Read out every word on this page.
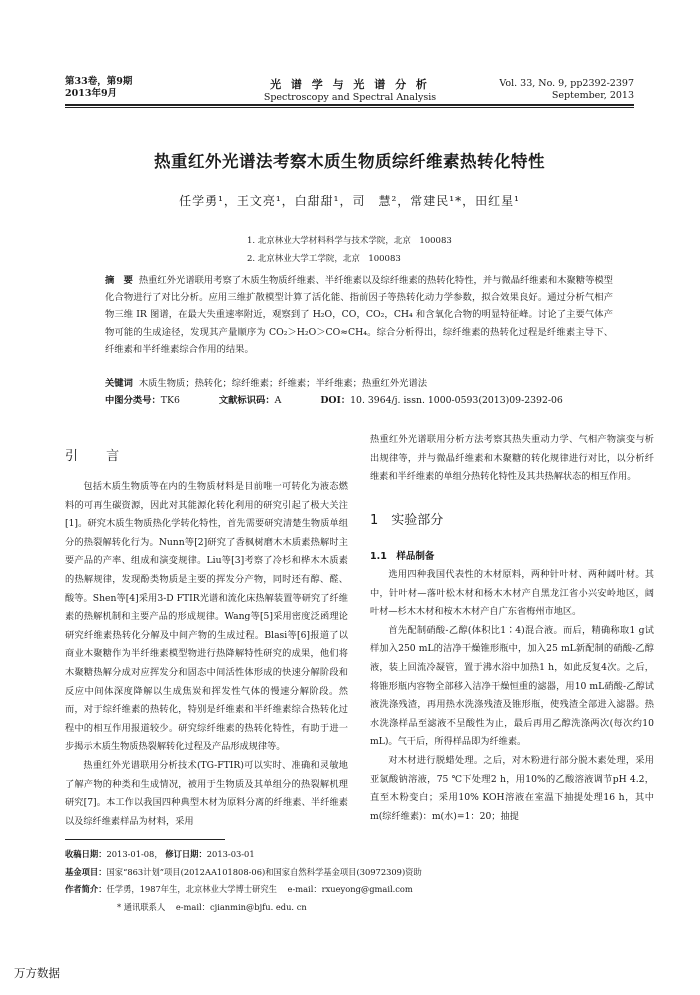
第33卷，第9期
2013年9月
光 谱 学 与 光 谱 分 析
Spectroscopy and Spectral Analysis
Vol. 33, No. 9, pp2392-2397
September, 2013
热重红外光谱法考察木质生物质综纤维素热转化特性
任学勇¹，王文亮¹，白甜甜¹，司　慧²，常建民¹*，田红星¹
1. 北京林业大学材料科学与技术学院，北京　100083
2. 北京林业大学工学院，北京　100083
摘　要 热重红外光谱联用考察了木质生物质纤维素、半纤维素以及综纤维素的热转化特性，并与微晶纤维素和木聚糖等模型化合物进行了对比分析。应用三维扩散模型计算了活化能、指前因子等热转化动力学参数，拟合效果良好。通过分析气相产物三维 IR 图谱，在最大失重速率附近，观察到了 H₂O，CO，CO₂，CH₄ 和含氧化合物的明显特征峰。讨论了主要气体产物可能的生成途径，发现其产量顺序为 CO₂＞H₂O＞CO≈CH₄。综合分析得出，综纤维素的热转化过程是纤维素主导下、纤维素和半纤维素综合作用的结果。
关键词 木质生物质；热转化；综纤维素；纤维素；半纤维素；热重红外光谱法
中图分类号：TK6	文献标识码：A	DOI：10. 3964/j. issn. 1000-0593(2013)09-2392-06
引 言
包括木质生物质等在内的生物质材料是目前唯一可转化为液态燃料的可再生碳资源，因此对其能源化转化利用的研究引起了极大关注[1]。研究木质生物质热化学转化特性，首先需要研究清楚生物质单组分的热裂解转化行为。Nunn等[2]研究了香枫树磨木木质素热解时主要产品的产率、组成和演变规律。Liu等[3]考察了冷杉和桦木木质素的热解规律，发现酚类物质是主要的挥发分产物，同时还有醇、醛、酸等。Shen等[4]采用3-D FTIR光谱和流化床热解装置等研究了纤维素的热解机制和主要产品的形成规律。Wang等[5]采用密度泛函理论研究纤维素热转化分解及中间产物的生成过程。Blasi等[6]报道了以商业木聚糖作为半纤维素模型物进行热降解特性研究的成果，他们将木聚糖热解分成对应挥发分和固态中间活性体形成的快速分解阶段和反应中间体深度降解以生成焦炭和挥发性气体的慢速分解阶段。然而，对于综纤维素的热转化，特别是纤维素和半纤维素综合热转化过程中的相互作用报道较少。研究综纤维素的热转化特性，有助于进一步揭示木质生物质热裂解转化过程及产品形成规律等。
热重红外光谱联用分析技术(TG-FTIR)可以实时、准确和灵敏地了解产物的种类和生成情况，被用于生物质及其单组分的热裂解机理研究[7]。本工作以我国四种典型木材为原料分离的纤维素、半纤维素以及综纤维素样品为材料，采用
热重红外光谱联用分析方法考察其热失重动力学、气相产物演变与析出规律等，并与微晶纤维素和木聚糖的转化规律进行对比，以分析纤维素和半纤维素的单组分热转化特性及其共热解状态的相互作用。
1　实验部分
1.1　样品制备
选用四种我国代表性的木材原料，两种针叶材、两种阔叶材。其中，针叶材—落叶松木材和杨木木材产自黑龙江省小兴安岭地区，阔叶材—杉木木材和桉木木材产自广东省梅州市地区。
首先配制硝酸-乙醇(体积比1∶4)混合液。而后，精确称取1 g试样加入250 mL的洁净干燥锥形瓶中，加入25 mL新配制的硝酸-乙醇液，装上回流冷凝管，置于沸水浴中加热1 h，如此反复4次。之后，将锥形瓶内容物全部移入洁净干燥恒重的滤器，用10 mL硝酸-乙醇试液洗涤残渣，再用热水洗涤残渣及锥形瓶，使残渣全部进入滤器。热水洗涤样品至滤液不呈酸性为止，最后再用乙醇洗涤两次(每次约10 mL)。气干后，所得样品即为纤维素。
对木材进行脱蜡处理。之后，对木粉进行部分脱木素处理，采用亚氯酸钠溶液，75 ℃下处理2 h，用10%的乙酸溶液调节pH 4.2，直至木粉变白；采用10% KOH溶液在室温下抽提处理16 h，其中m(综纤维素)：m(水)=1：20；抽提
收稿日期：2013-01-08， 修订日期：2013-03-01
基金项目：国家“863计划”项目(2012AA101808-06)和国家自然科学基金项目(30972309)资助
作者简介：任学勇，1987年生，北京林业大学博士研究生 e-mail：rxueyong@gmail.com
* 通讯联系人 e-mail：cjianmin@bjfu. edu. cn
万方数据
